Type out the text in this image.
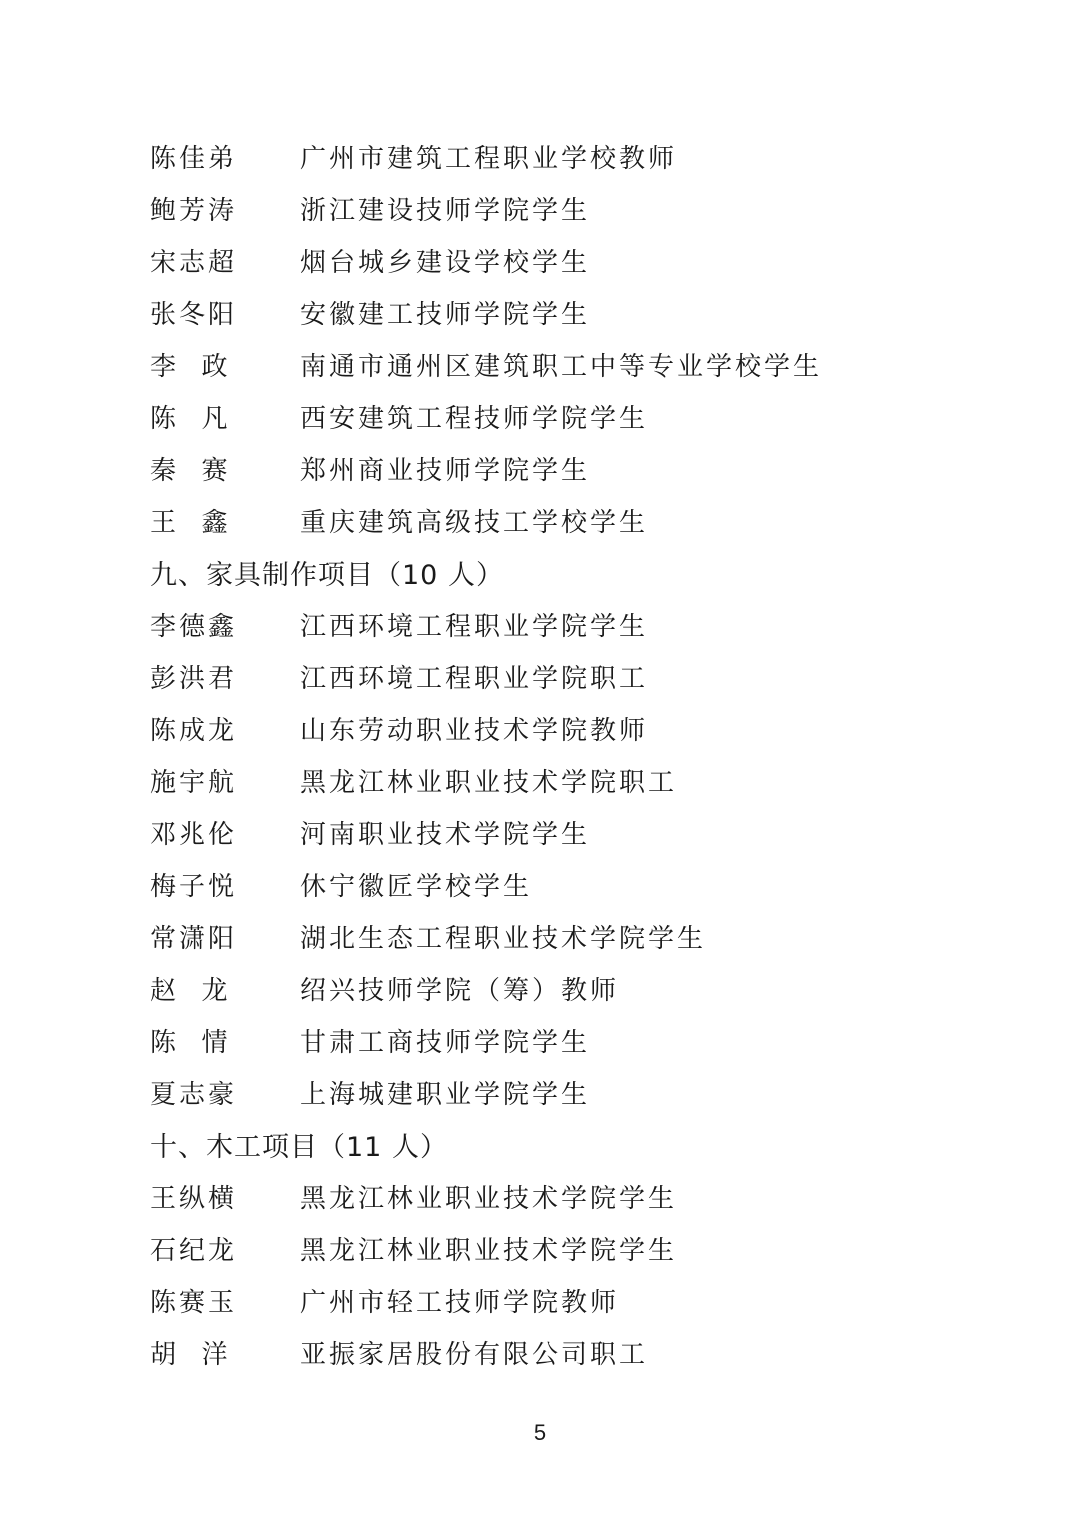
陈佳弟	广州市建筑工程职业学校教师
鲍芳涛	浙江建设技师学院学生
宋志超	烟台城乡建设学校学生
张冬阳	安徽建工技师学院学生
李  政	南通市通州区建筑职工中等专业学校学生
陈  凡	西安建筑工程技师学院学生
秦  赛	郑州商业技师学院学生
王  鑫	重庆建筑高级技工学校学生
九、家具制作项目（10 人）
李德鑫	江西环境工程职业学院学生
彭洪君	江西环境工程职业学院职工
陈成龙	山东劳动职业技术学院教师
施宇航	黑龙江林业职业技术学院职工
邓兆伦	河南职业技术学院学生
梅子悦	休宁徽匠学校学生
常潇阳	湖北生态工程职业技术学院学生
赵  龙	绍兴技师学院（筹）教师
陈  情	甘肃工商技师学院学生
夏志豪	上海城建职业学院学生
十、木工项目（11 人）
王纵横	黑龙江林业职业技术学院学生
石纪龙	黑龙江林业职业技术学院学生
陈赛玉	广州市轻工技师学院教师
胡  洋	亚振家居股份有限公司职工
5
